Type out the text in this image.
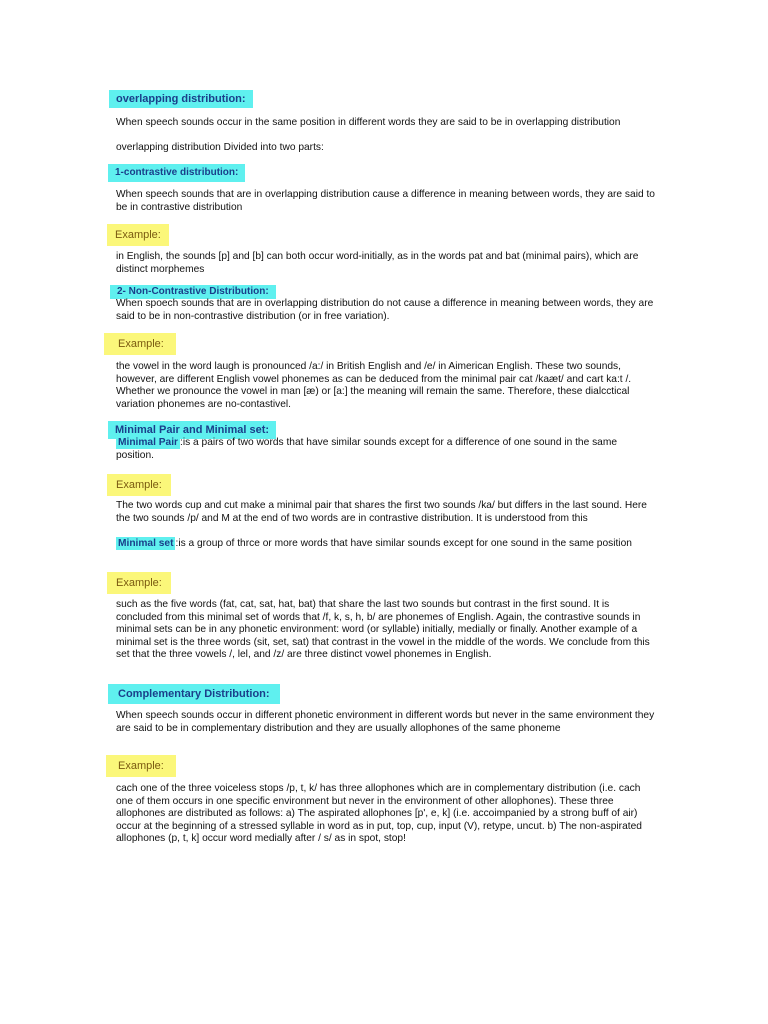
overlapping distribution:
When speech sounds occur in the same position in different words they are said to be in overlapping distribution
overlapping distribution Divided into two parts:
1-contrastive distribution:
When speech sounds that are in overlapping distribution cause a difference in meaning between words, they are said to be in contrastive distribution
Example:
in English, the sounds [p] and [b] can both occur word-initially, as in the words pat and bat (minimal pairs), which are distinct morphemes
2- Non-Contrastive Distribution:
When spoech sounds that are in overlapping distribution do not cause a difference in meaning between words, they are said to be in non-contrastive distribution (or in free variation).
Example:
the vowel in the word laugh is pronounced /a:/ in British English and /e/ in Aimerican English. These two sounds, however, are different English vowel phonemes as can be deduced from the minimal pair cat /kaæt/ and cart ka:t /. Whether we pronounce the vowel in man [æ) or [a:] the meaning will remain the same. Therefore, these dialcctical variation phonemes are no-contastivel.
Minimal Pair and Minimal set:
Minimal Pair :is a pairs of two words that have similar sounds except for a difference of one sound in the same position.
Example:
The two words cup and cut make a minimal pair that shares the first two sounds /ka/ but differs in the last sound. Here the two sounds /p/ and M at the end of two words are in contrastive distribution. It is understood from this
Minimal set :is a group of thrce or more words that have similar sounds except for one sound in the same position
Example:
such as the five words (fat, cat, sat, hat, bat) that share the last two sounds but contrast in the first sound. It is concluded from this minimal set of words that /f, k, s, h, b/ are phonemes of English. Again, the contrastive sounds in minimal sets can be in any phonetic environment: word (or syllable) initially, medially or finally. Another example of a minimal set is the three words (sit, set, sat) that contrast in the vowel in the middle of the words. We conclude from this set that the three vowels /, lel, and /z/ are three distinct vowel phonemes in English.
Complementary Distribution:
When speech sounds occur in different phonetic environment in different words but never in the same environment they are said to be in complementary distribution and they are usually allophones of the same phoneme
Example:
cach one of the three voiceless stops /p, t, k/ has three allophones which are in complementary distribution (i.e. cach one of them occurs in one specific environment but never in the environment of other allophones). These three allophones are distributed as follows: a) The aspirated allophones [p', e, k] (i.e. accoimpanied by a strong buff of air) occur at the beginning of a stressed syllable in word as in put, top, cup, input (V), retype, uncut. b) The non-aspirated allophones (p, t, k] occur word medially after / s/ as in spot, stop!
